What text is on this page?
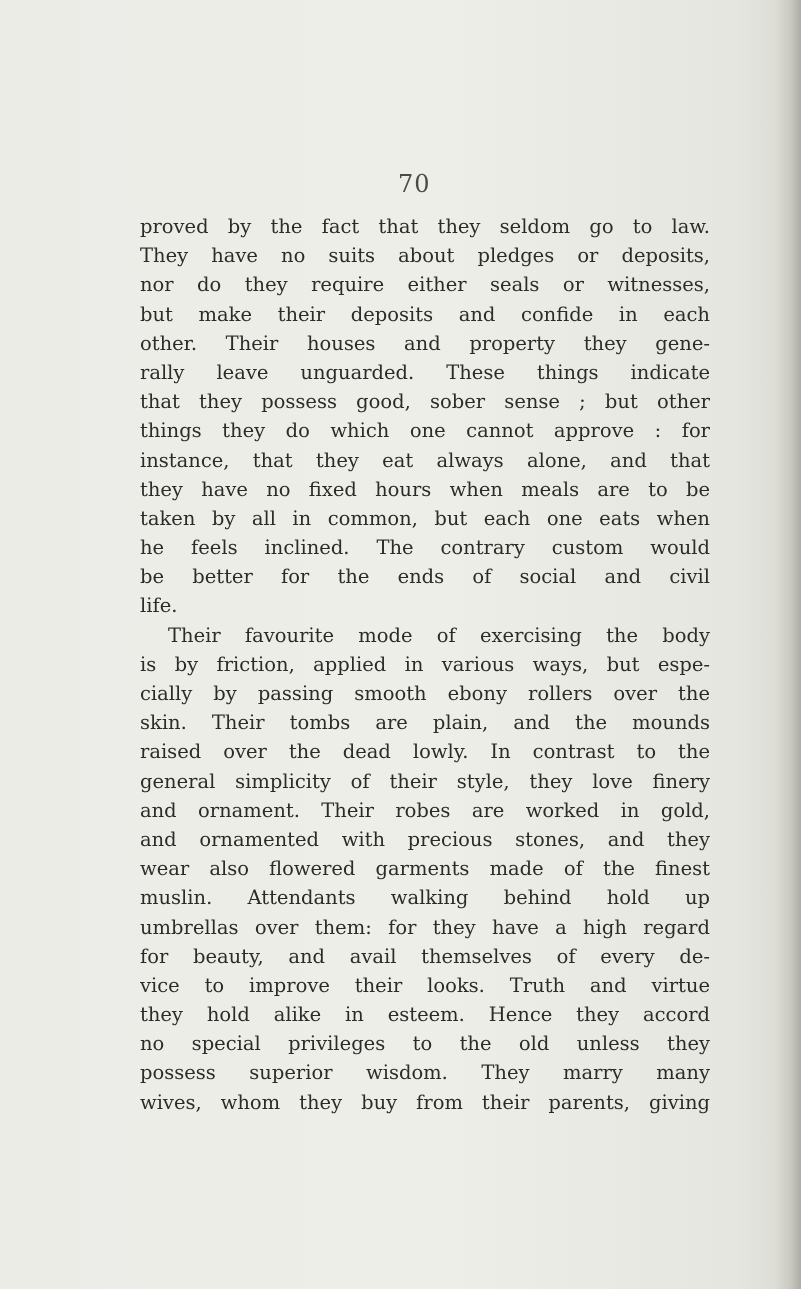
70
proved by the fact that they seldom go to law.
They have no suits about pledges or deposits,
nor do they require either seals or witnesses,
but make their deposits and confide in each
other. Their houses and property they gene-
rally leave unguarded. These things indicate
that they possess good, sober sense ; but other
things they do which one cannot approve : for
instance, that they eat always alone, and that
they have no fixed hours when meals are to be
taken by all in common, but each one eats when
he feels inclined. The contrary custom would
be better for the ends of social and civil
life.
Their favourite mode of exercising the body
is by friction, applied in various ways, but espe-
cially by passing smooth ebony rollers over the
skin. Their tombs are plain, and the mounds
raised over the dead lowly. In contrast to the
general simplicity of their style, they love finery
and ornament. Their robes are worked in gold,
and ornamented with precious stones, and they
wear also flowered garments made of the finest
muslin. Attendants walking behind hold up
umbrellas over them: for they have a high regard
for beauty, and avail themselves of every de-
vice to improve their looks. Truth and virtue
they hold alike in esteem. Hence they accord
no special privileges to the old unless they
possess superior wisdom. They marry many
wives, whom they buy from their parents, giving
